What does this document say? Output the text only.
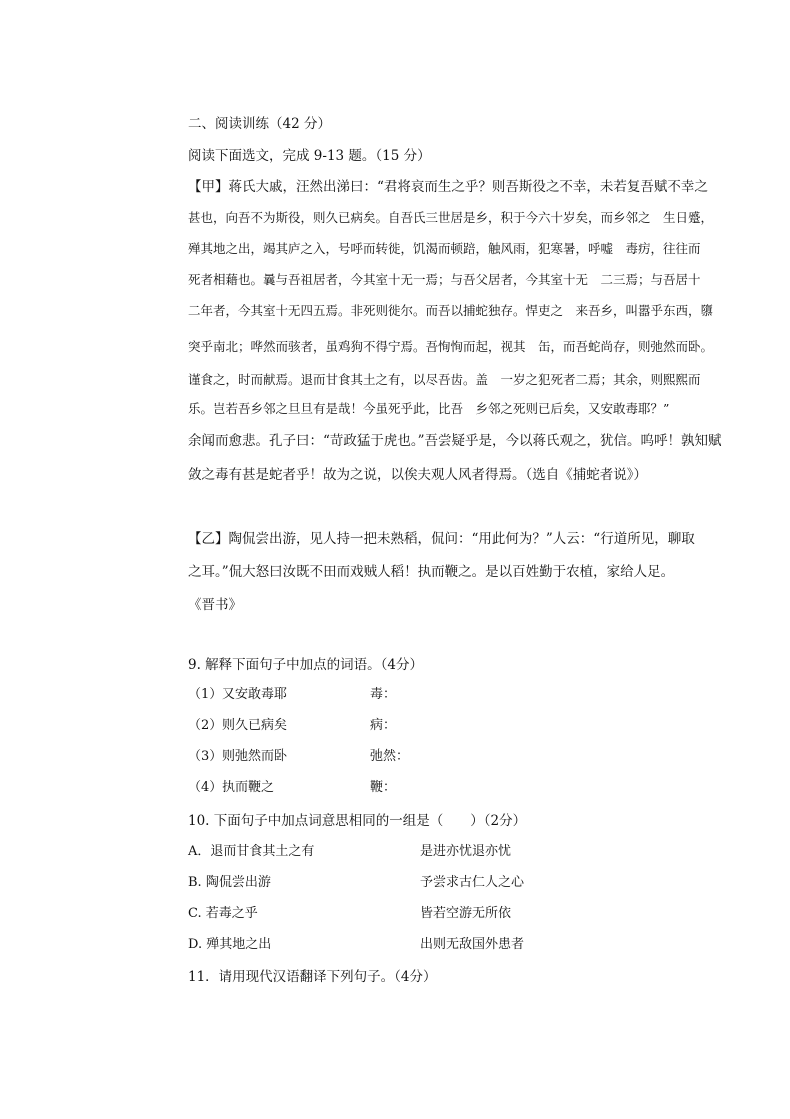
二、阅读训练（42 分）
阅读下面选文，完成 9-13 题。（15 分）
【甲】蒋氏大戚，汪然出涕曰：“君将哀而生之乎？则吾斯役之不幸，未若复吾赋不幸之
甚也，向吾不为斯役，则久已病矣。自吾氏三世居是乡，积于今六十岁矣，而乡邻之　生日蹙，
殚其地之出，竭其庐之入，号呼而转徙，饥渴而顿踣，触风雨，犯寒暑，呼嘘　毒疠，往往而
死者相藉也。曩与吾祖居者，今其室十无一焉；与吾父居者，今其室十无　二三焉；与吾居十
二年者，今其室十无四五焉。非死则徙尔。而吾以捕蛇独存。悍吏之　来吾乡，叫嚣乎东西，隳
突乎南北；哗然而骇者，虽鸡狗不得宁焉。吾恂恂而起，视其　缶，而吾蛇尚存，则弛然而卧。
谨食之，时而献焉。退而甘食其土之有，以尽吾齿。盖　一岁之犯死者二焉；其余，则熙熙而
乐。岂若吾乡邻之旦旦有是哉！今虽死乎此，比吾　乡邻之死则已后矣，又安敢毒耶？”
余闻而愈悲。孔子曰：“苛政猛于虎也。”吾尝疑乎是，今以蒋氏观之，犹信。呜呼！孰知赋
敛之毒有甚是蛇者乎！故为之说，以俟夫观人风者得焉。（选自《捕蛇者说》）
【乙】陶侃尝出游，见人持一把未熟稻，侃问：“用此何为？”人云：“行道所见，聊取
之耳。”侃大怒曰汝既不田而戏贼人稻！执而鞭之。是以百姓勤于农植，家给人足。
《晋书》
9. 解释下面句子中加点的词语。（4分）
（1）又安敢毒耶	毒：
（2）则久已病矣	病：
（3）则弛然而卧	弛然：
（4）执而鞭之	鞭：
10. 下面句子中加点词意思相同的一组是（　　）（2分）
A．退而甘食其土之有	是进亦忧退亦忧
B. 陶侃尝出游	予尝求古仁人之心
C. 若毒之乎	皆若空游无所依
D. 殚其地之出	出则无敌国外患者
11．请用现代汉语翻译下列句子。（4分）
